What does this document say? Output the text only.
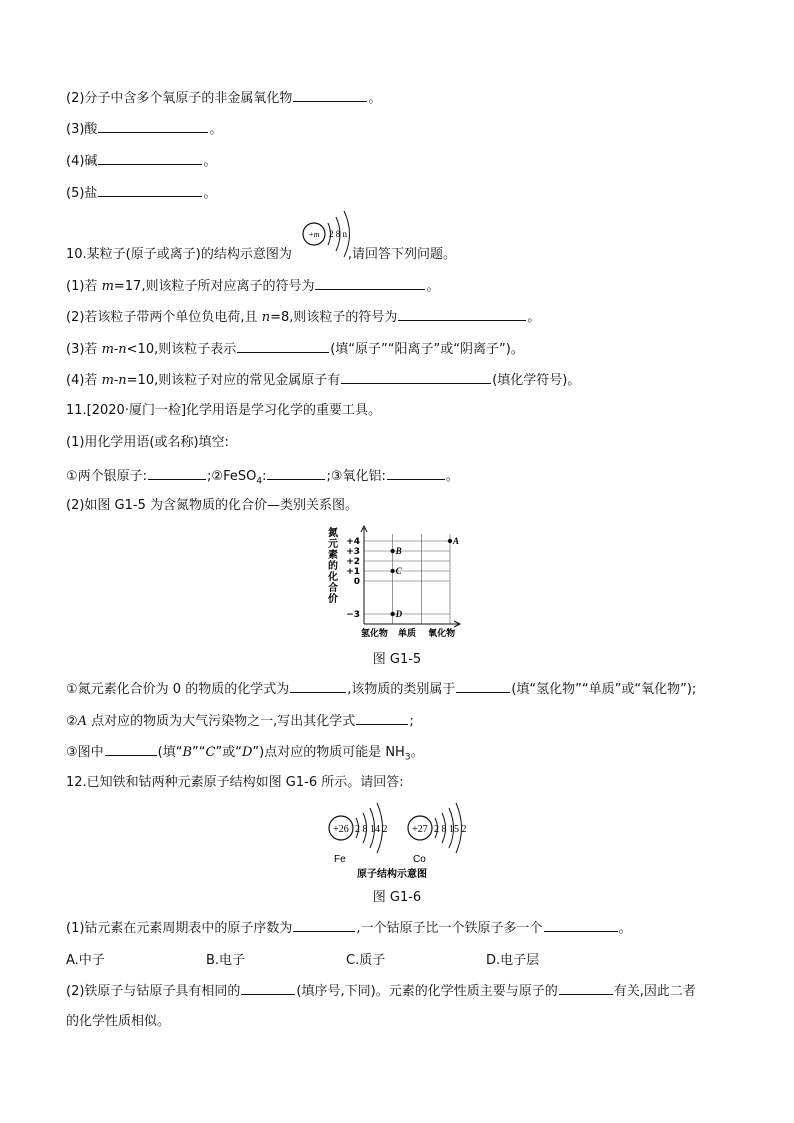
(2)分子中含多个氧原子的非金属氧化物	。
(3)酸	。
(4)碱	。
(5)盐	。
10.某粒子(原子或离子)的结构示意图为	,请回答下列问题。
+m 2 8 n
(1)若 m=17,则该粒子所对应离子的符号为	。
(2)若该粒子带两个单位负电荷,且 n=8,则该粒子的符号为	。
(3)若 m-n<10,则该粒子表示	(填“原子”“阳离子”或“阴离子”)。
(4)若 m-n=10,则该粒子对应的常见金属原子有	(填化学符号)。
11.[2020·厦门一检]化学用语是学习化学的重要工具。
(1)用化学用语(或名称)填空:
①两个银原子:	;②FeSO$_4$:	;③氧化铝:	。
(2)如图 G1-5 为含氮物质的化合价—类别关系图。
氮
元
素
的
化
合
价
+4
+3
+2
+1
0
−3
氢化物 单质 氧化物
A
B
C
D
图 G1-5
①氮元素化合价为 0 的物质的化学式为	,该物质的类别属于	(填“氢化物”“单质”或“氧化物”);
②A 点对应的物质为大气污染物之一,写出其化学式	;
③图中	(填“B”“C”或“D”)点对应的物质可能是 $NH_3$。
12.已知铁和钴两种元素原子结构如图 G1-6 所示。请回答:
+26 2 8 14 2
Fe
+27 2 8 15 2
Co
原子结构示意图
图 G1-6
(1)钴元素在元素周期表中的原子序数为	,一个钴原子比一个铁原子多一个	。
A.中子	B.电子	C.质子	D.电子层
(2)铁原子与钴原子具有相同的	(填序号,下同)。元素的化学性质主要与原子的	有关,因此二者
的化学性质相似。
